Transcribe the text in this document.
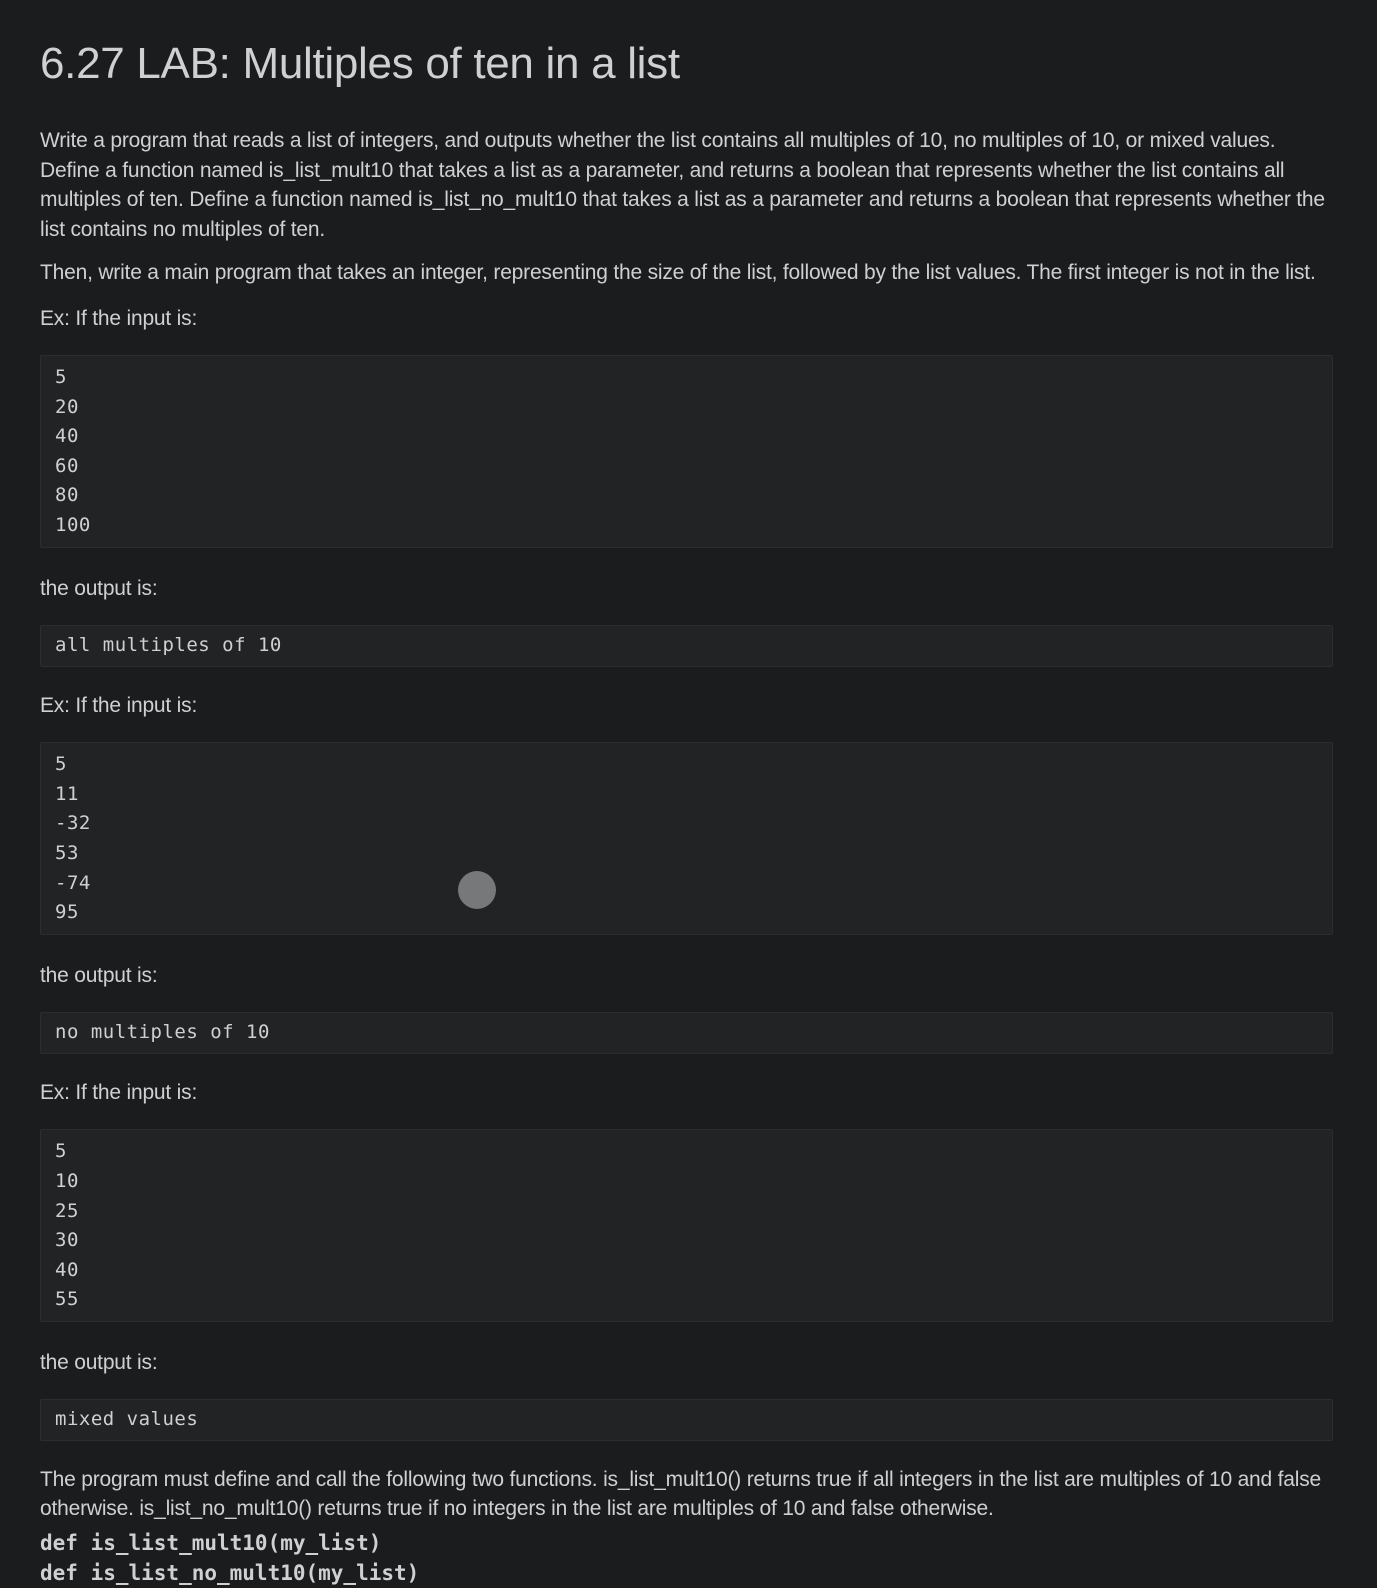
6.27 LAB: Multiples of ten in a list

Write a program that reads a list of integers, and outputs whether the list contains all multiples of 10, no multiples of 10, or mixed values. Define a function named is_list_mult10 that takes a list as a parameter, and returns a boolean that represents whether the list contains all multiples of ten. Define a function named is_list_no_mult10 that takes a list as a parameter and returns a boolean that represents whether the list contains no multiples of ten.

Then, write a main program that takes an integer, representing the size of the list, followed by the list values. The first integer is not in the list.

Ex: If the input is:

5
20
40
60
80
100

the output is:

all multiples of 10

Ex: If the input is:

5
11
-32
53
-74
95

the output is:

no multiples of 10

Ex: If the input is:

5
10
25
30
40
55

the output is:

mixed values

The program must define and call the following two functions. is_list_mult10() returns true if all integers in the list are multiples of 10 and false otherwise. is_list_no_mult10() returns true if no integers in the list are multiples of 10 and false otherwise.

def is_list_mult10(my_list)
def is_list_no_mult10(my_list)
